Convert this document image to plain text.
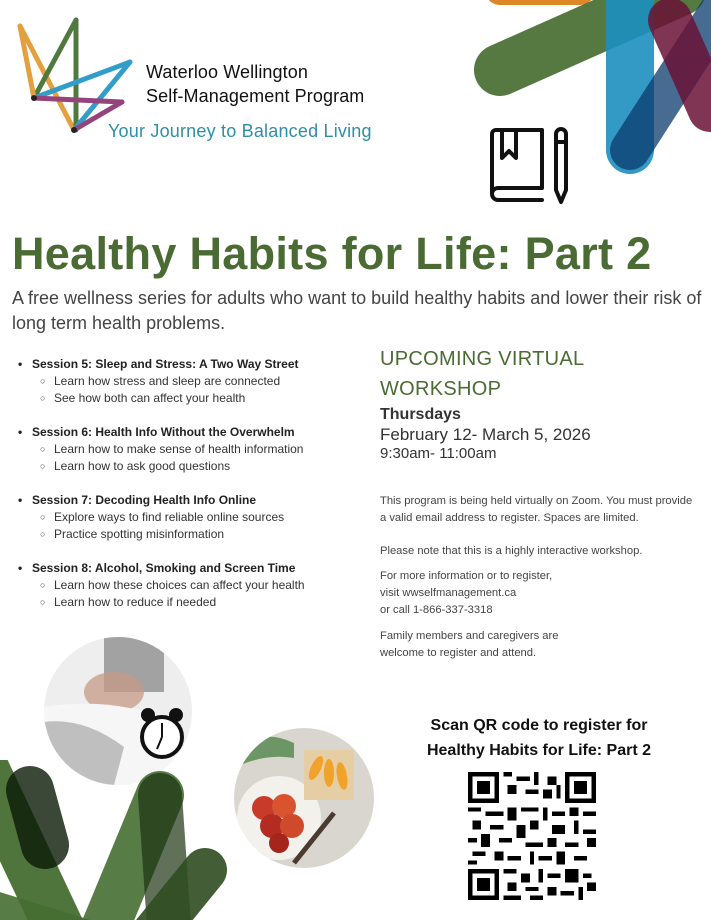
Waterloo Wellington
Self-Management Program
Your Journey to Balanced Living
Healthy Habits for Life: Part 2
A free wellness series for adults who want to build healthy habits and lower their risk of long term health problems.
• Session 5: Sleep and Stress: A Two Way Street
○ Learn how stress and sleep are connected
○ See how both can affect your health
• Session 6: Health Info Without the Overwhelm
○ Learn how to make sense of health information
○ Learn how to ask good questions
• Session 7: Decoding Health Info Online
○ Explore ways to find reliable online sources
○ Practice spotting misinformation
• Session 8: Alcohol, Smoking and Screen Time
○ Learn how these choices can affect your health
○ Learn how to reduce if needed
UPCOMING VIRTUAL
WORKSHOP
Thursdays
February 12- March 5, 2026
9:30am- 11:00am

This program is being held virtually on Zoom. You must provide a valid email address to register. Spaces are limited.

Please note that this is a highly interactive workshop.

For more information or to register,
visit wwselfmanagement.ca
or call 1-866-337-3318

Family members and caregivers are
welcome to register and attend.

Scan QR code to register for
Healthy Habits for Life: Part 2
